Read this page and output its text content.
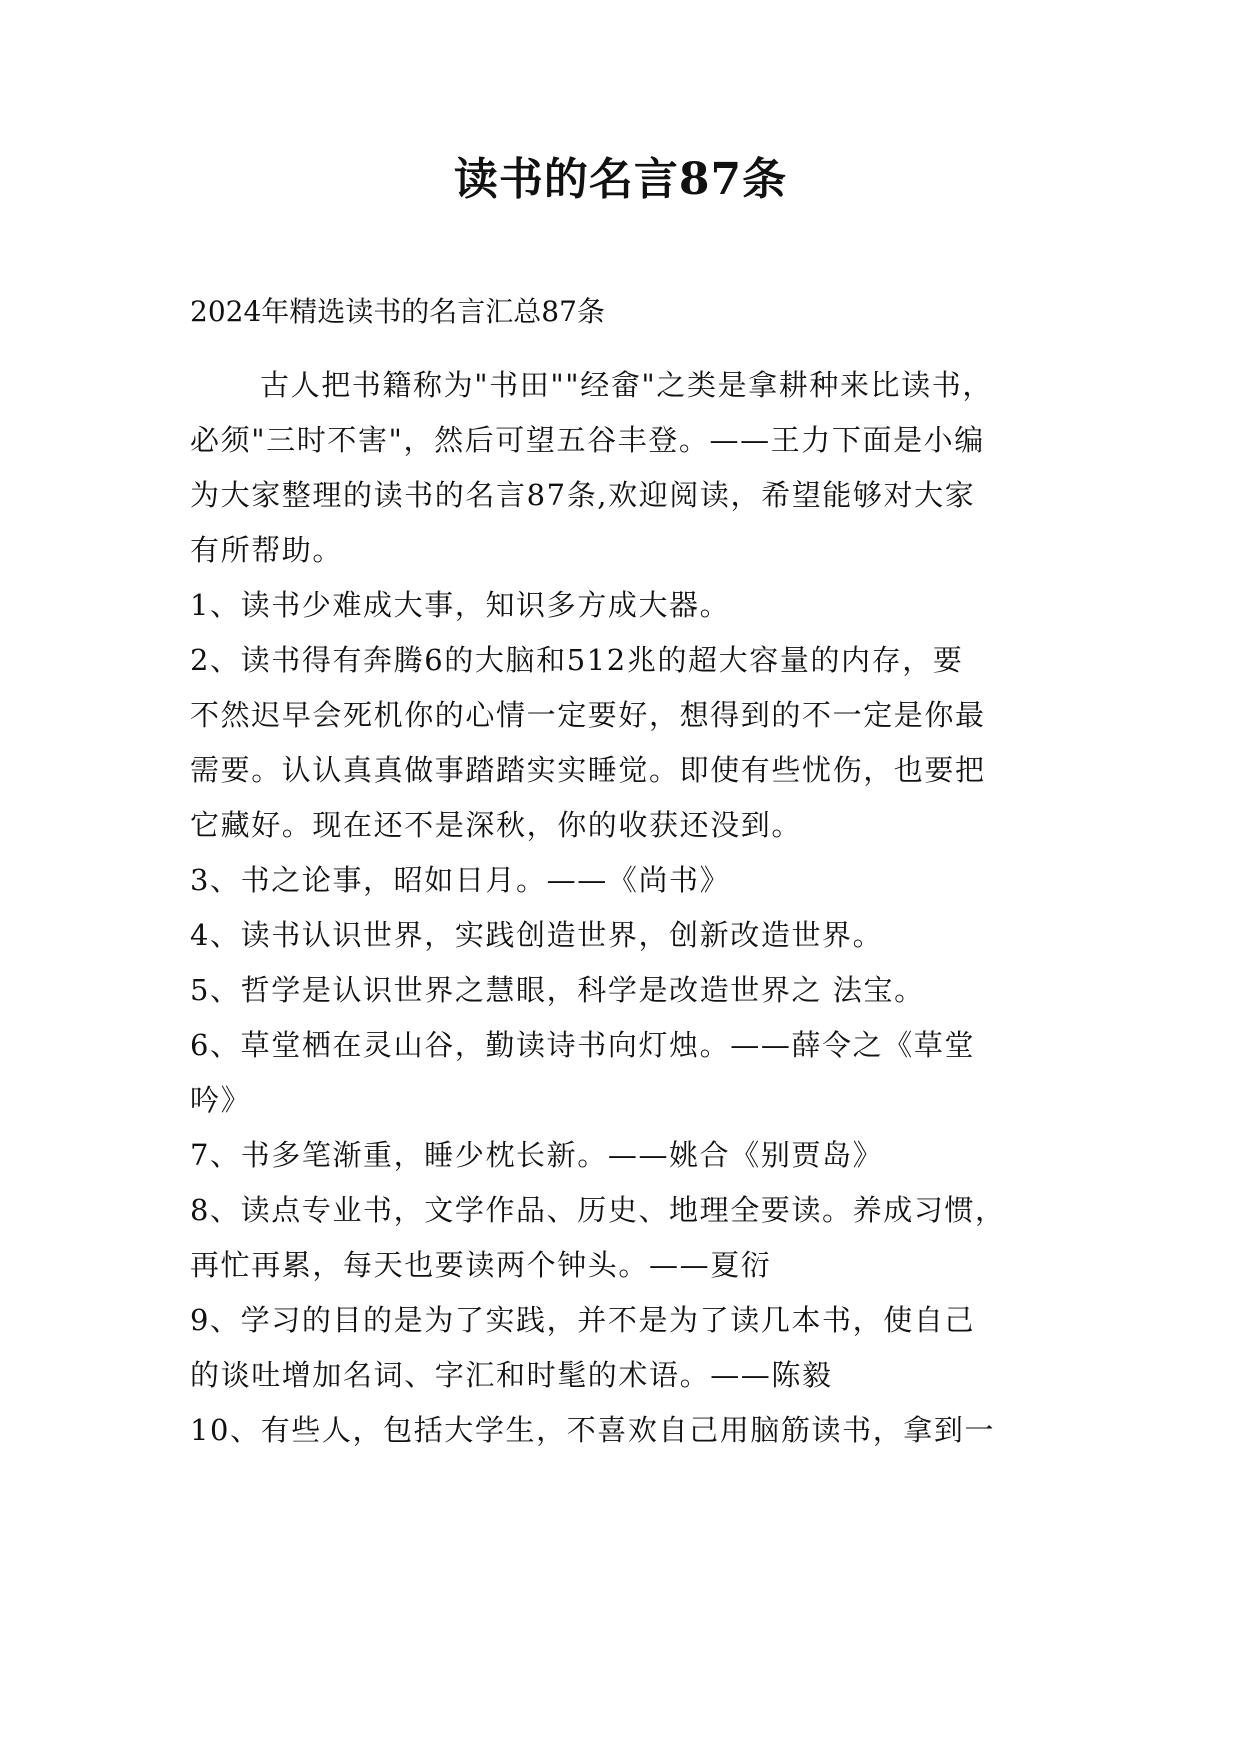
读书的名言87条
2024年精选读书的名言汇总87条
古人把书籍称为"书田""经畲"之类是拿耕种来比读书，
必须"三时不害"，然后可望五谷丰登。——王力下面是小编
为大家整理的读书的名言87条,欢迎阅读，希望能够对大家
有所帮助。
1、读书少难成大事，知识多方成大器。
2、读书得有奔腾6的大脑和512兆的超大容量的内存，要
不然迟早会死机你的心情一定要好，想得到的不一定是你最
需要。认认真真做事踏踏实实睡觉。即使有些忧伤，也要把
它藏好。现在还不是深秋，你的收获还没到。
3、书之论事，昭如日月。——《尚书》
4、读书认识世界，实践创造世界，创新改造世界。
5、哲学是认识世界之慧眼，科学是改造世界之 法宝。
6、草堂栖在灵山谷，勤读诗书向灯烛。——薛令之《草堂
吟》
7、书多笔渐重，睡少枕长新。——姚合《别贾岛》
8、读点专业书，文学作品、历史、地理全要读。养成习惯，
再忙再累，每天也要读两个钟头。——夏衍
9、学习的目的是为了实践，并不是为了读几本书，使自己
的谈吐增加名词、字汇和时髦的术语。——陈毅
10、有些人，包括大学生，不喜欢自己用脑筋读书，拿到一
